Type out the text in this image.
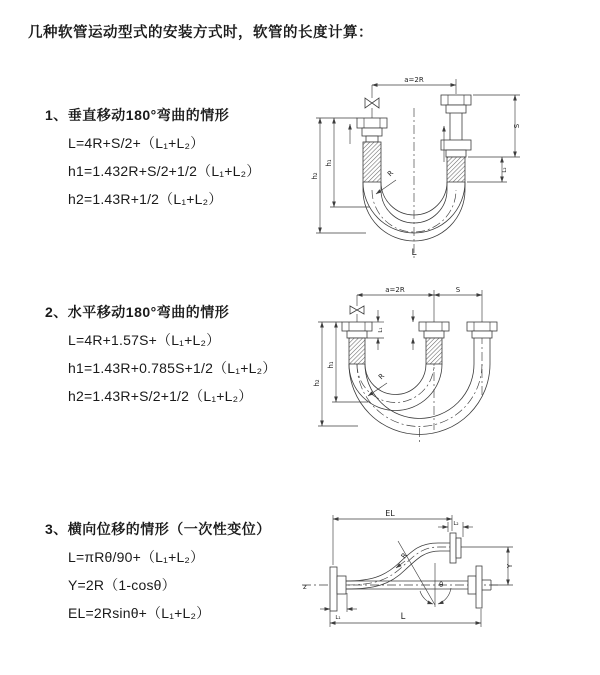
几种软管运动型式的安装方式时，软管的长度计算：
1、垂直移动180°弯曲的情形

L=4R+S/2+（L₁+L₂）

h1=1.432R+S/2+1/2（L₁+L₂）

h2=1.43R+1/2（L₁+L₂）

2、水平移动180°弯曲的情形

L=4R+1.57S+（L₁+L₂）

h1=1.43R+0.785S+1/2（L₁+L₂）

h2=1.43R+S/2+1/2（L₁+L₂）

3、横向位移的情形（一次性变位）

L=πRθ/90+（L₁+L₂）

Y=2R（1-cosθ）

EL=2Rsinθ+（L₁+L₂）

a=2R
h₂
h₁
S
L₂
R
L
a=2R	S
h₁
h₂
L₁
R
z
EL
L₂
Y
θ
R
L
L₁
